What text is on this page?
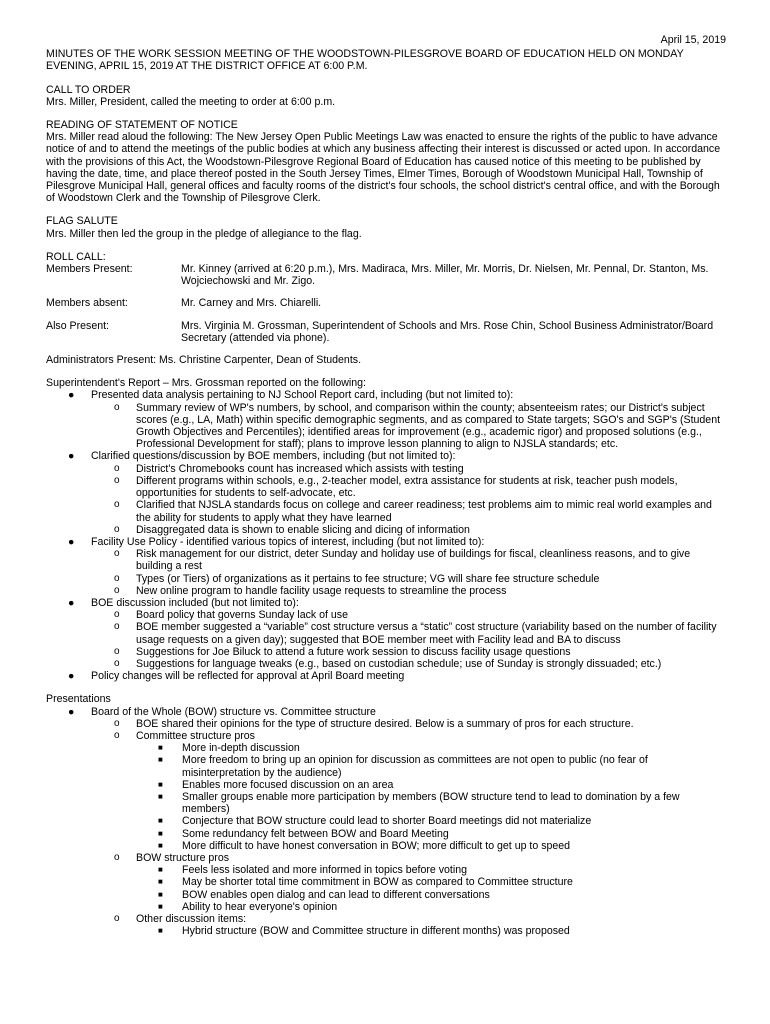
April 15, 2019
MINUTES OF THE WORK SESSION MEETING OF THE WOODSTOWN-PILESGROVE BOARD OF EDUCATION HELD ON MONDAY EVENING, APRIL 15, 2019 AT THE DISTRICT OFFICE AT 6:00 P.M.
CALL TO ORDER
Mrs. Miller, President, called the meeting to order at 6:00 p.m.
READING OF STATEMENT OF NOTICE
Mrs. Miller read aloud the following: The New Jersey Open Public Meetings Law was enacted to ensure the rights of the public to have advance notice of and to attend the meetings of the public bodies at which any business affecting their interest is discussed or acted upon. In accordance with the provisions of this Act, the Woodstown-Pilesgrove Regional Board of Education has caused notice of this meeting to be published by having the date, time, and place thereof posted in the South Jersey Times, Elmer Times, Borough of Woodstown Municipal Hall, Township of Pilesgrove Municipal Hall, general offices and faculty rooms of the district's four schools, the school district's central office, and with the Borough of Woodstown Clerk and the Township of Pilesgrove Clerk.
FLAG SALUTE
Mrs. Miller then led the group in the pledge of allegiance to the flag.
ROLL CALL:
Members Present:	Mr. Kinney (arrived at 6:20 p.m.), Mrs. Madiraca, Mrs. Miller, Mr. Morris, Dr. Nielsen, Mr. Pennal, Dr. Stanton, Ms. Wojciechowski and Mr. Zigo.
Members absent:	Mr. Carney and Mrs. Chiarelli.
Also Present:	Mrs. Virginia M. Grossman, Superintendent of Schools and Mrs. Rose Chin, School Business Administrator/Board Secretary (attended via phone).
Administrators Present: Ms. Christine Carpenter, Dean of Students.
Superintendent's Report – Mrs. Grossman reported on the following:
● Presented data analysis pertaining to NJ School Report card, including (but not limited to):
o Summary review of WP's numbers, by school, and comparison within the county; absenteeism rates; our District's subject scores (e.g., LA, Math) within specific demographic segments, and as compared to State targets; SGO's and SGP's (Student Growth Objectives and Percentiles); identified areas for improvement (e.g., academic rigor) and proposed solutions (e.g., Professional Development for staff); plans to improve lesson planning to align to NJSLA standards; etc.
● Clarified questions/discussion by BOE members, including (but not limited to):
o District's Chromebooks count has increased which assists with testing
o Different programs within schools, e.g., 2-teacher model, extra assistance for students at risk, teacher push models, opportunities for students to self-advocate, etc.
o Clarified that NJSLA standards focus on college and career readiness; test problems aim to mimic real world examples and the ability for students to apply what they have learned
o Disaggregated data is shown to enable slicing and dicing of information
● Facility Use Policy - identified various topics of interest, including (but not limited to):
o Risk management for our district, deter Sunday and holiday use of buildings for fiscal, cleanliness reasons, and to give building a rest
o Types (or Tiers) of organizations as it pertains to fee structure; VG will share fee structure schedule
o New online program to handle facility usage requests to streamline the process
● BOE discussion included (but not limited to):
o Board policy that governs Sunday lack of use
o BOE member suggested a “variable” cost structure versus a “static” cost structure (variability based on the number of facility usage requests on a given day); suggested that BOE member meet with Facility lead and BA to discuss
o Suggestions for Joe Biluck to attend a future work session to discuss facility usage questions
o Suggestions for language tweaks (e.g., based on custodian schedule; use of Sunday is strongly dissuaded; etc.)
● Policy changes will be reflected for approval at April Board meeting
Presentations
● Board of the Whole (BOW) structure vs. Committee structure
o BOE shared their opinions for the type of structure desired. Below is a summary of pros for each structure.
o Committee structure pros
■ More in-depth discussion
■ More freedom to bring up an opinion for discussion as committees are not open to public (no fear of misinterpretation by the audience)
■ Enables more focused discussion on an area
■ Smaller groups enable more participation by members (BOW structure tend to lead to domination by a few members)
■ Conjecture that BOW structure could lead to shorter Board meetings did not materialize
■ Some redundancy felt between BOW and Board Meeting
■ More difficult to have honest conversation in BOW; more difficult to get up to speed
o BOW structure pros
■ Feels less isolated and more informed in topics before voting
■ May be shorter total time commitment in BOW as compared to Committee structure
■ BOW enables open dialog and can lead to different conversations
■ Ability to hear everyone's opinion
o Other discussion items:
■ Hybrid structure (BOW and Committee structure in different months) was proposed
